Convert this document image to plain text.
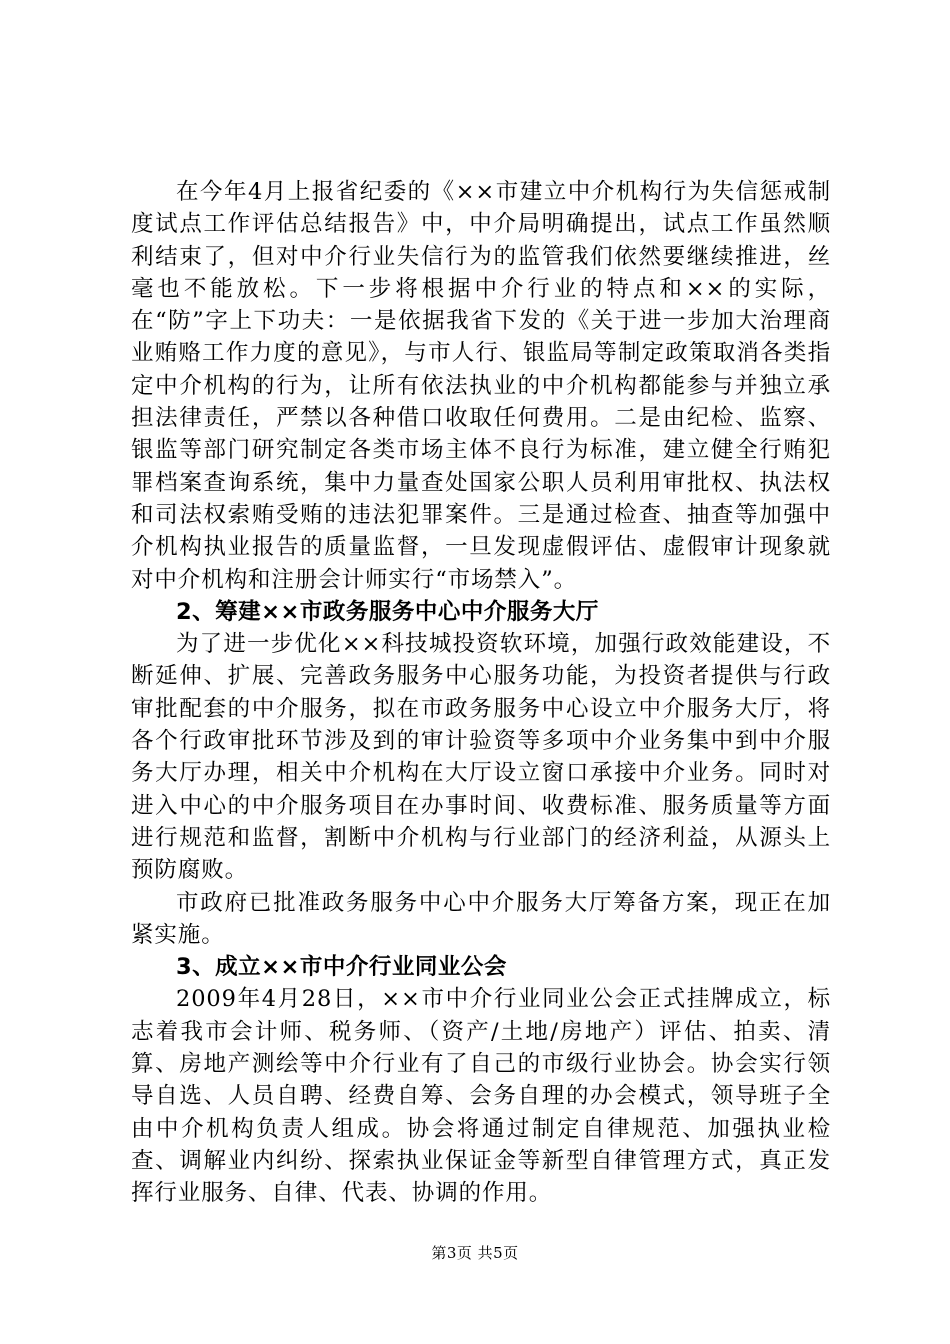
在今年4月上报省纪委的《××市建立中介机构行为失信惩戒制度试点工作评估总结报告》中，中介局明确提出，试点工作虽然顺利结束了，但对中介行业失信行为的监管我们依然要继续推进，丝毫也不能放松。下一步将根据中介行业的特点和××的实际，在“防”字上下功夫：一是依据我省下发的《关于进一步加大治理商业贿赂工作力度的意见》，与市人行、银监局等制定政策取消各类指定中介机构的行为，让所有依法执业的中介机构都能参与并独立承担法律责任，严禁以各种借口收取任何费用。二是由纪检、监察、银监等部门研究制定各类市场主体不良行为标准，建立健全行贿犯罪档案查询系统，集中力量查处国家公职人员利用审批权、执法权和司法权索贿受贿的违法犯罪案件。三是通过检查、抽查等加强中介机构执业报告的质量监督，一旦发现虚假评估、虚假审计现象就对中介机构和注册会计师实行“市场禁入”。

2、筹建××市政务服务中心中介服务大厅

为了进一步优化××科技城投资软环境，加强行政效能建设，不断延伸、扩展、完善政务服务中心服务功能，为投资者提供与行政审批配套的中介服务，拟在市政务服务中心设立中介服务大厅，将各个行政审批环节涉及到的审计验资等多项中介业务集中到中介服务大厅办理，相关中介机构在大厅设立窗口承接中介业务。同时对进入中心的中介服务项目在办事时间、收费标准、服务质量等方面进行规范和监督，割断中介机构与行业部门的经济利益，从源头上预防腐败。

市政府已批准政务服务中心中介服务大厅筹备方案，现正在加紧实施。

3、成立××市中介行业同业公会

2009年4月28日，××市中介行业同业公会正式挂牌成立，标志着我市会计师、税务师、（资产/土地/房地产）评估、拍卖、清算、房地产测绘等中介行业有了自己的市级行业协会。协会实行领导自选、人员自聘、经费自筹、会务自理的办会模式，领导班子全由中介机构负责人组成。协会将通过制定自律规范、加强执业检查、调解业内纠纷、探索执业保证金等新型自律管理方式，真正发挥行业服务、自律、代表、协调的作用。

第3页 共5页
